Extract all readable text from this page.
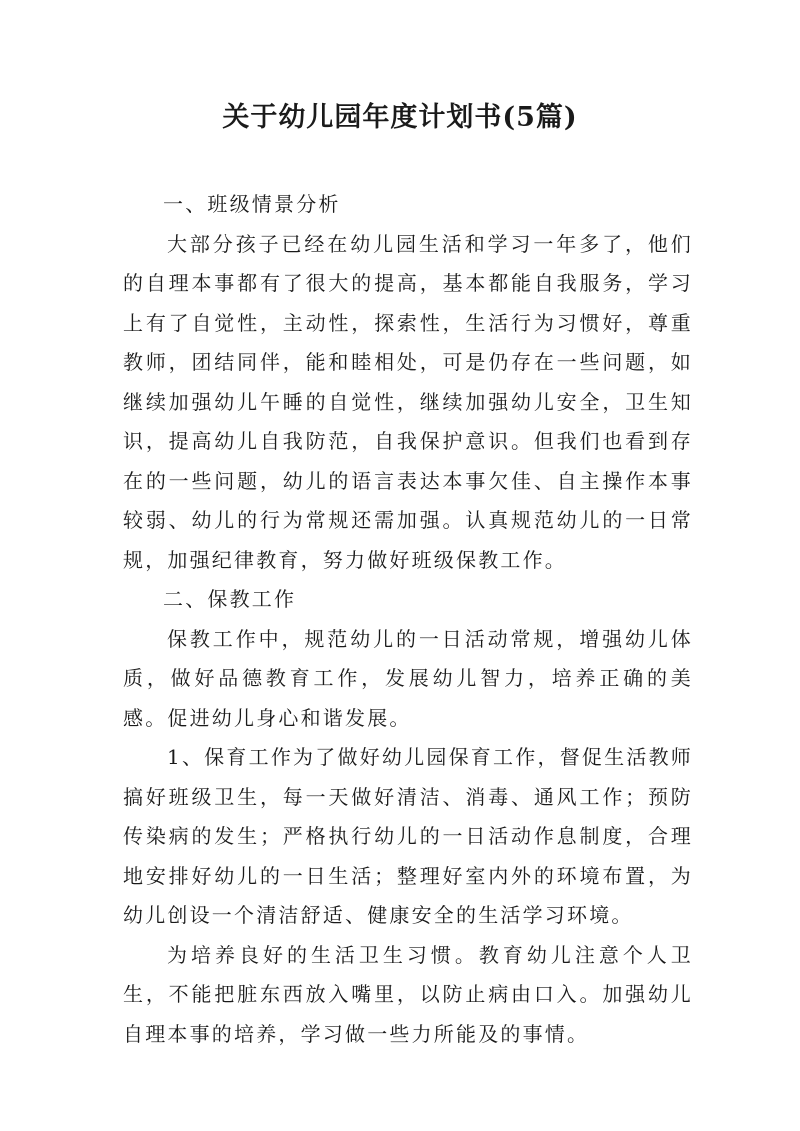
关于幼儿园年度计划书(5篇)

一、班级情景分析

大部分孩子已经在幼儿园生活和学习一年多了，他们的自理本事都有了很大的提高，基本都能自我服务，学习上有了自觉性，主动性，探索性，生活行为习惯好，尊重教师，团结同伴，能和睦相处，可是仍存在一些问题，如继续加强幼儿午睡的自觉性，继续加强幼儿安全，卫生知识，提高幼儿自我防范，自我保护意识。但我们也看到存在的一些问题，幼儿的语言表达本事欠佳、自主操作本事较弱、幼儿的行为常规还需加强。认真规范幼儿的一日常规，加强纪律教育，努力做好班级保教工作。

二、保教工作

保教工作中，规范幼儿的一日活动常规，增强幼儿体质，做好品德教育工作，发展幼儿智力，培养正确的美感。促进幼儿身心和谐发展。

1、保育工作为了做好幼儿园保育工作，督促生活教师搞好班级卫生，每一天做好清洁、消毒、通风工作；预防传染病的发生；严格执行幼儿的一日活动作息制度，合理地安排好幼儿的一日生活；整理好室内外的环境布置，为幼儿创设一个清洁舒适、健康安全的生活学习环境。

为培养良好的生活卫生习惯。教育幼儿注意个人卫生，不能把脏东西放入嘴里，以防止病由口入。加强幼儿自理本事的培养，学习做一些力所能及的事情。
